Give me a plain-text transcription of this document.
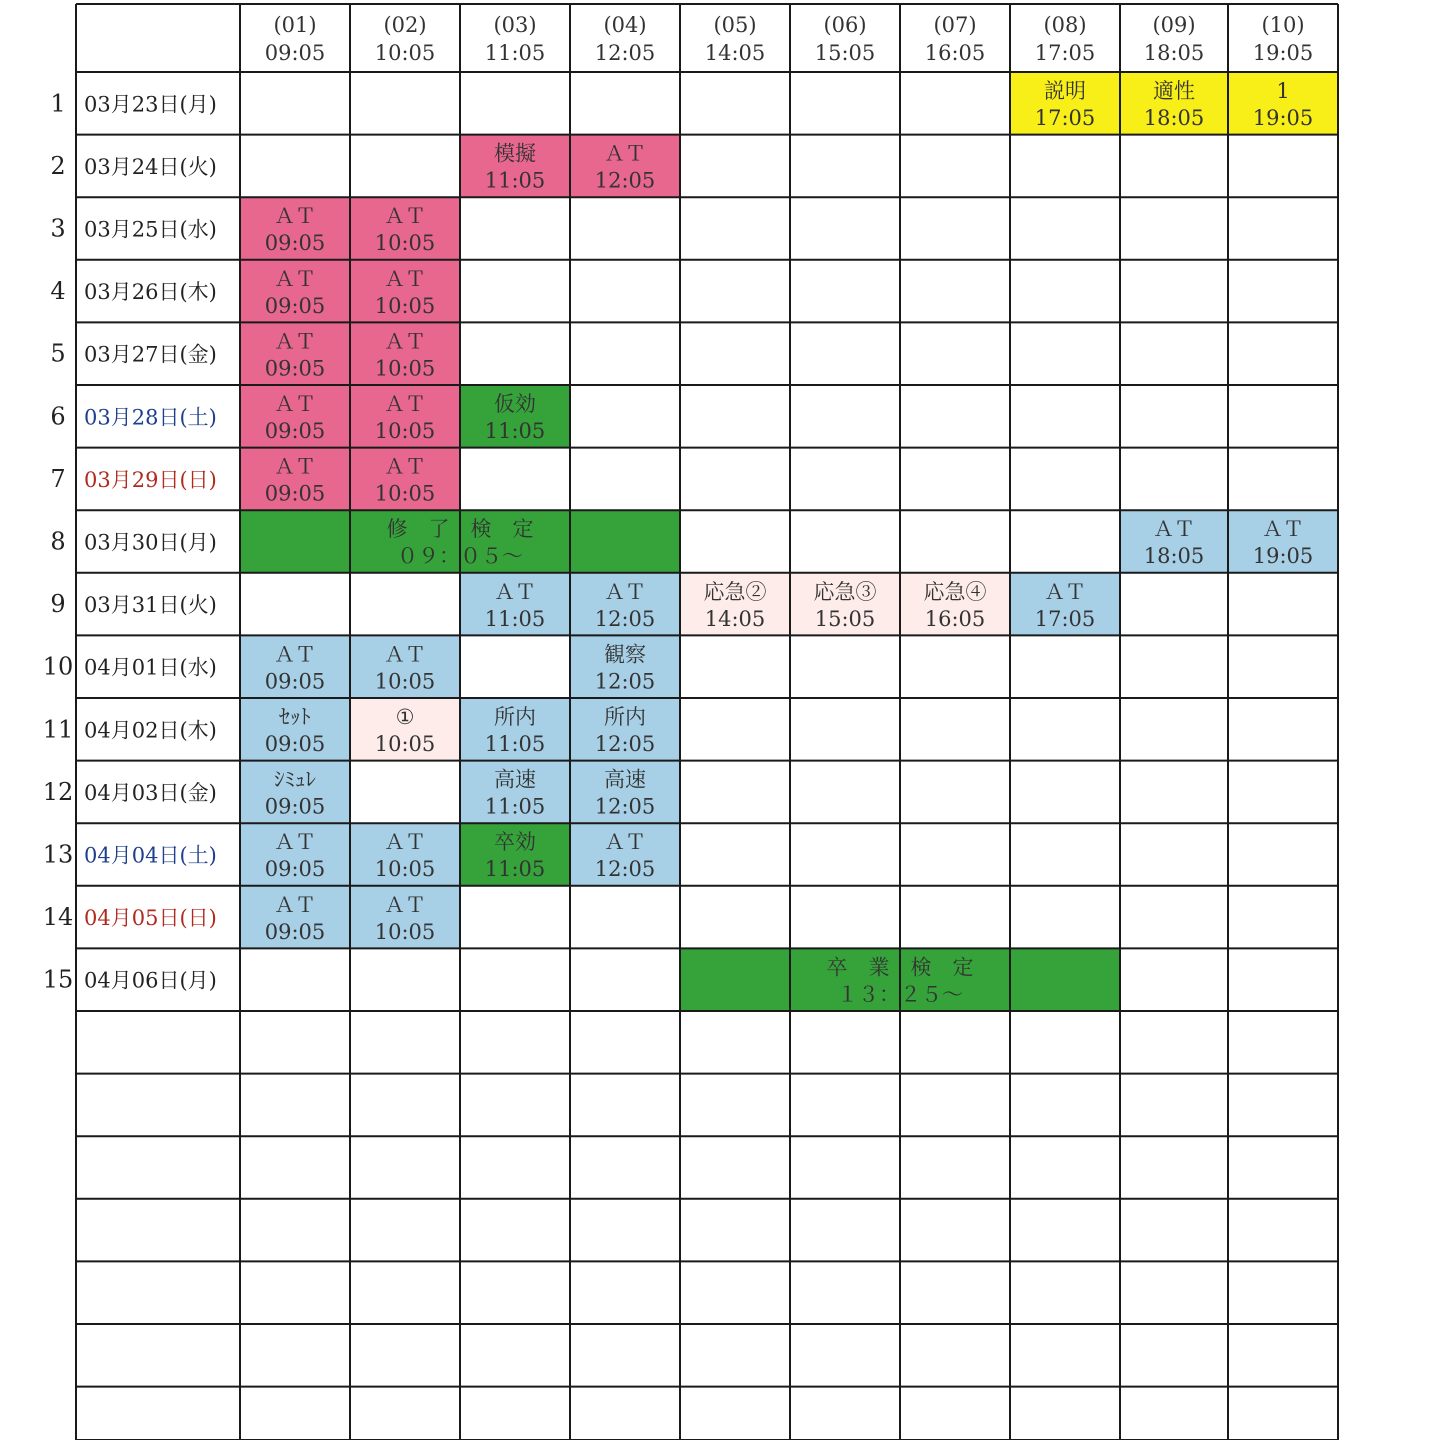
(01)
09:05
(02)
10:05
(03)
11:05
(04)
12:05
(05)
14:05
(06)
15:05
(07)
16:05
(08)
17:05
(09)
18:05
(10)
19:05
1 03月23日(月)
2 03月24日(火)
3 03月25日(水)
4 03月26日(木)
5 03月27日(金)
6 03月28日(土)
7 03月29日(日)
8 03月30日(月)
9 03月31日(火)
10 04月01日(水)
11 04月02日(木)
12 04月03日(金)
13 04月04日(土)
14 04月05日(日)
15 04月06日(月)
説明
17:05
適性
18:05
1
19:05
模擬
11:05
ＡＴ
12:05
ＡＴ
09:05
ＡＴ
10:05
ＡＴ
09:05
ＡＴ
10:05
ＡＴ
09:05
ＡＴ
10:05
ＡＴ
09:05
ＡＴ
10:05
仮効
11:05
ＡＴ
09:05
ＡＴ
10:05
ＡＴ
18:05
ＡＴ
19:05
ＡＴ
11:05
ＡＴ
12:05
応急②
14:05
応急③
15:05
応急④
16:05
ＡＴ
17:05
ＡＴ
09:05
ＡＴ
10:05
観察
12:05
ｾｯﾄ
09:05
①
10:05
所内
11:05
所内
12:05
ｼﾐｭﾚ
09:05
高速
11:05
高速
12:05
ＡＴ
09:05
ＡＴ
10:05
卒効
11:05
ＡＴ
12:05
ＡＴ
09:05
ＡＴ
10:05
修　了　検　定
０９：０５～
卒　業　検　定
１３：２５～
